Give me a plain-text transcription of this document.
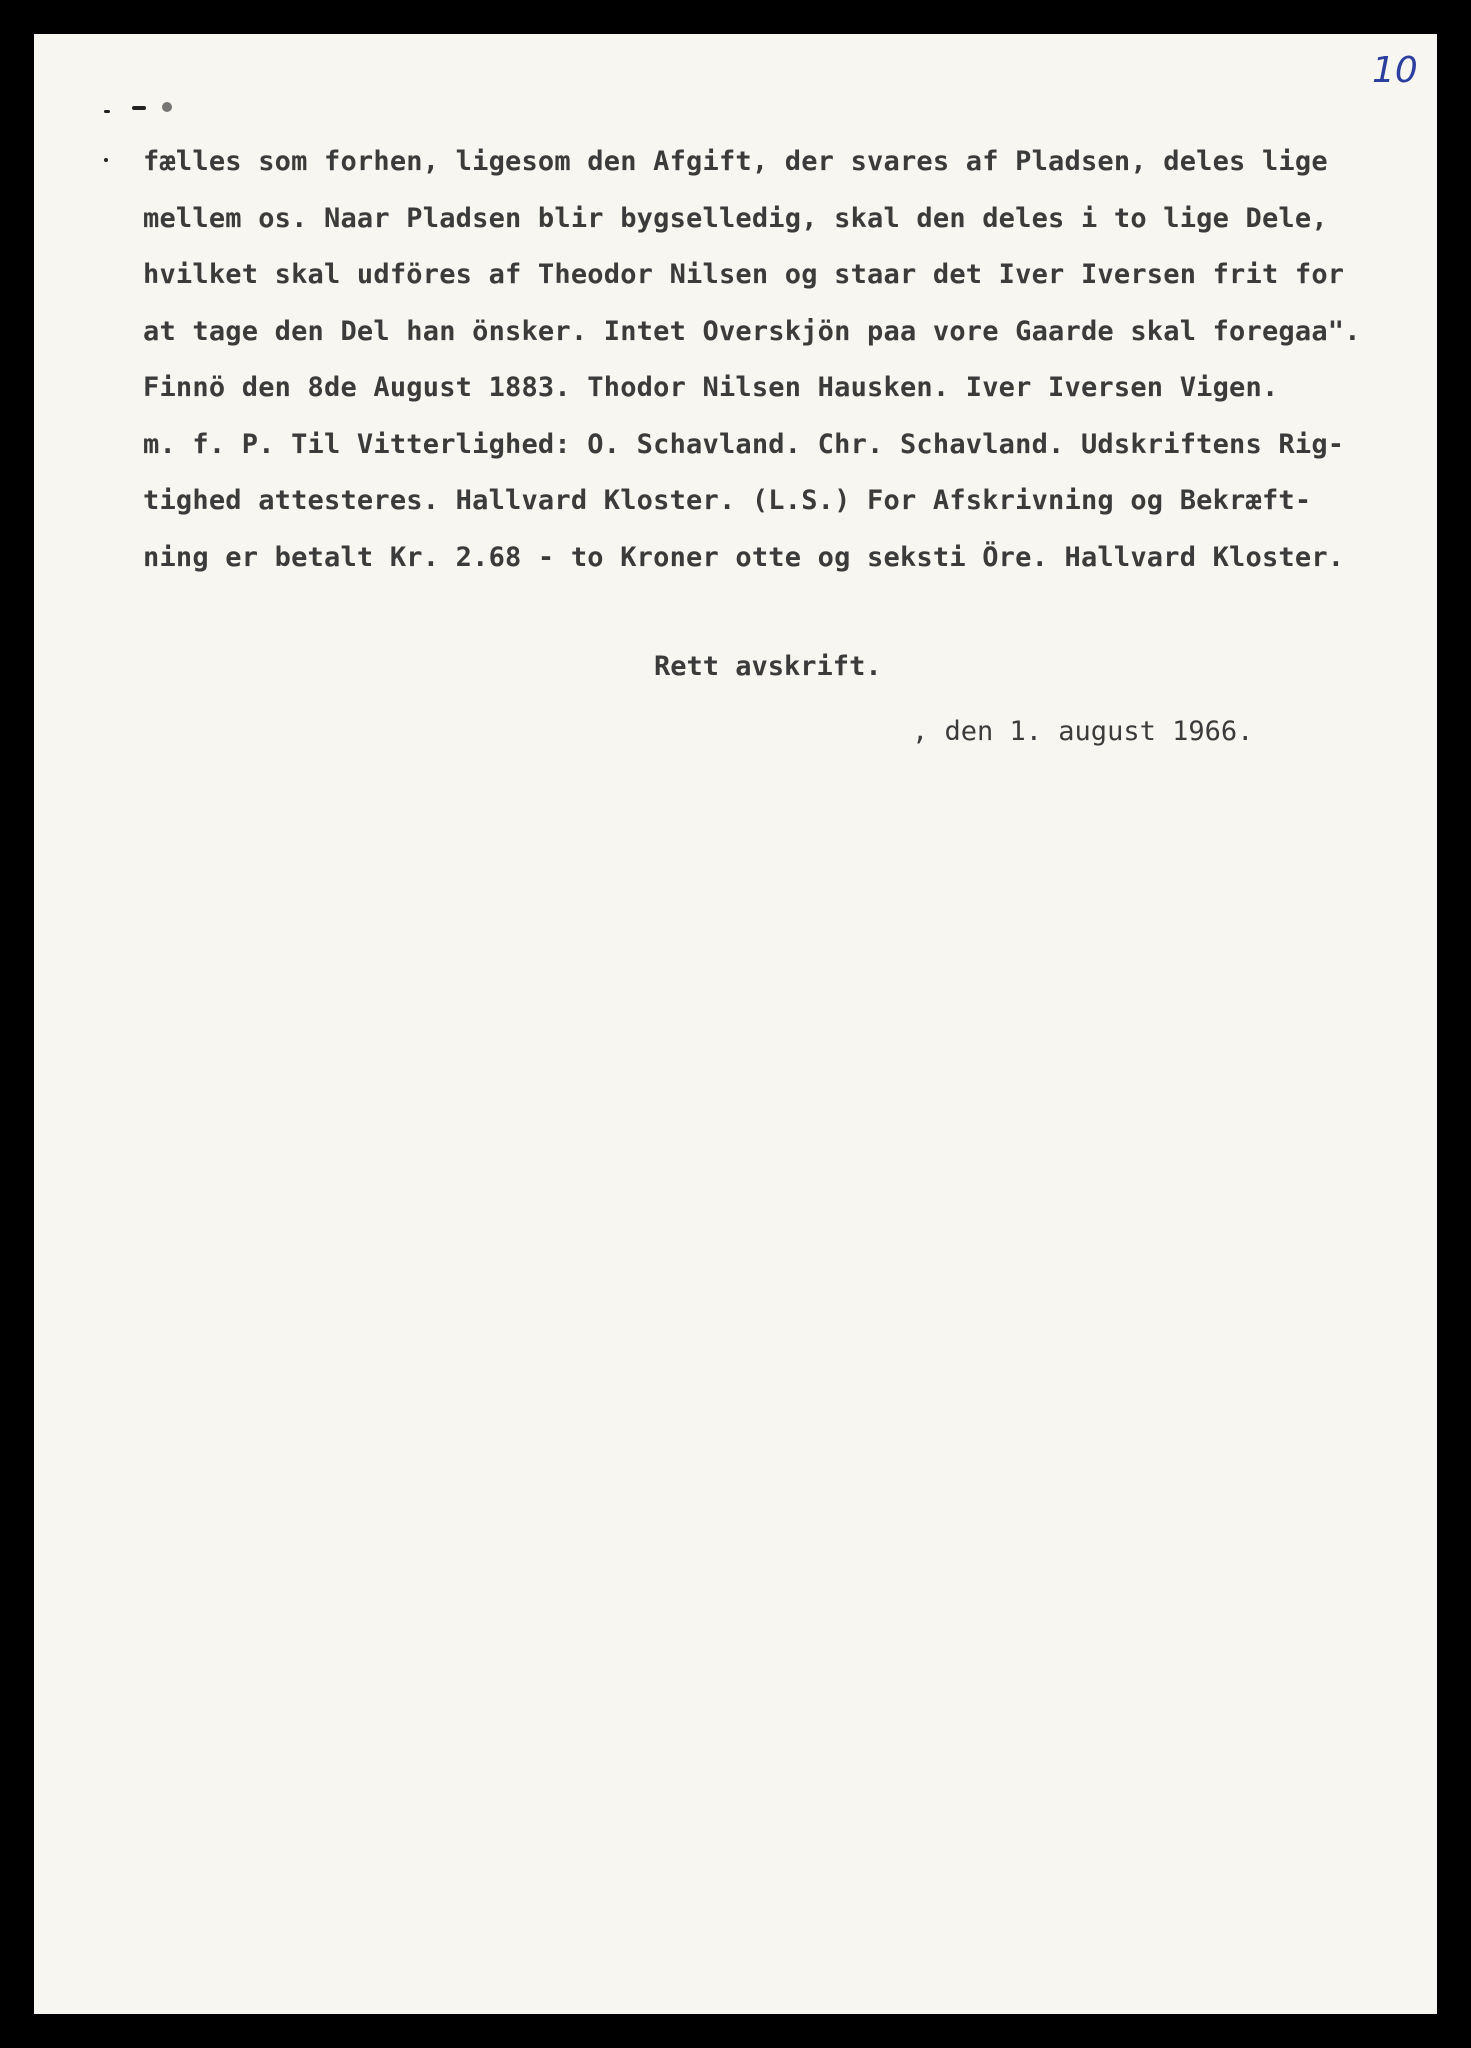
10
fælles som forhen, ligesom den Afgift, der svares af Pladsen, deles lige
mellem os. Naar Pladsen blir bygselledig, skal den deles i to lige Dele,
hvilket skal udföres af Theodor Nilsen og staar det Iver Iversen frit for
at tage den Del han önsker. Intet Overskjön paa vore Gaarde skal foregaa".
Finnö den 8de August 1883. Thodor Nilsen Hausken. Iver Iversen Vigen.
m. f. P. Til Vitterlighed: O. Schavland. Chr. Schavland. Udskriftens Rig-
tighed attesteres. Hallvard Kloster. (L.S.) For Afskrivning og Bekræft-
ning er betalt Kr. 2.68 - to Kroner otte og seksti Öre. Hallvard Kloster.
Rett avskrift.
, den 1. august 1966.
